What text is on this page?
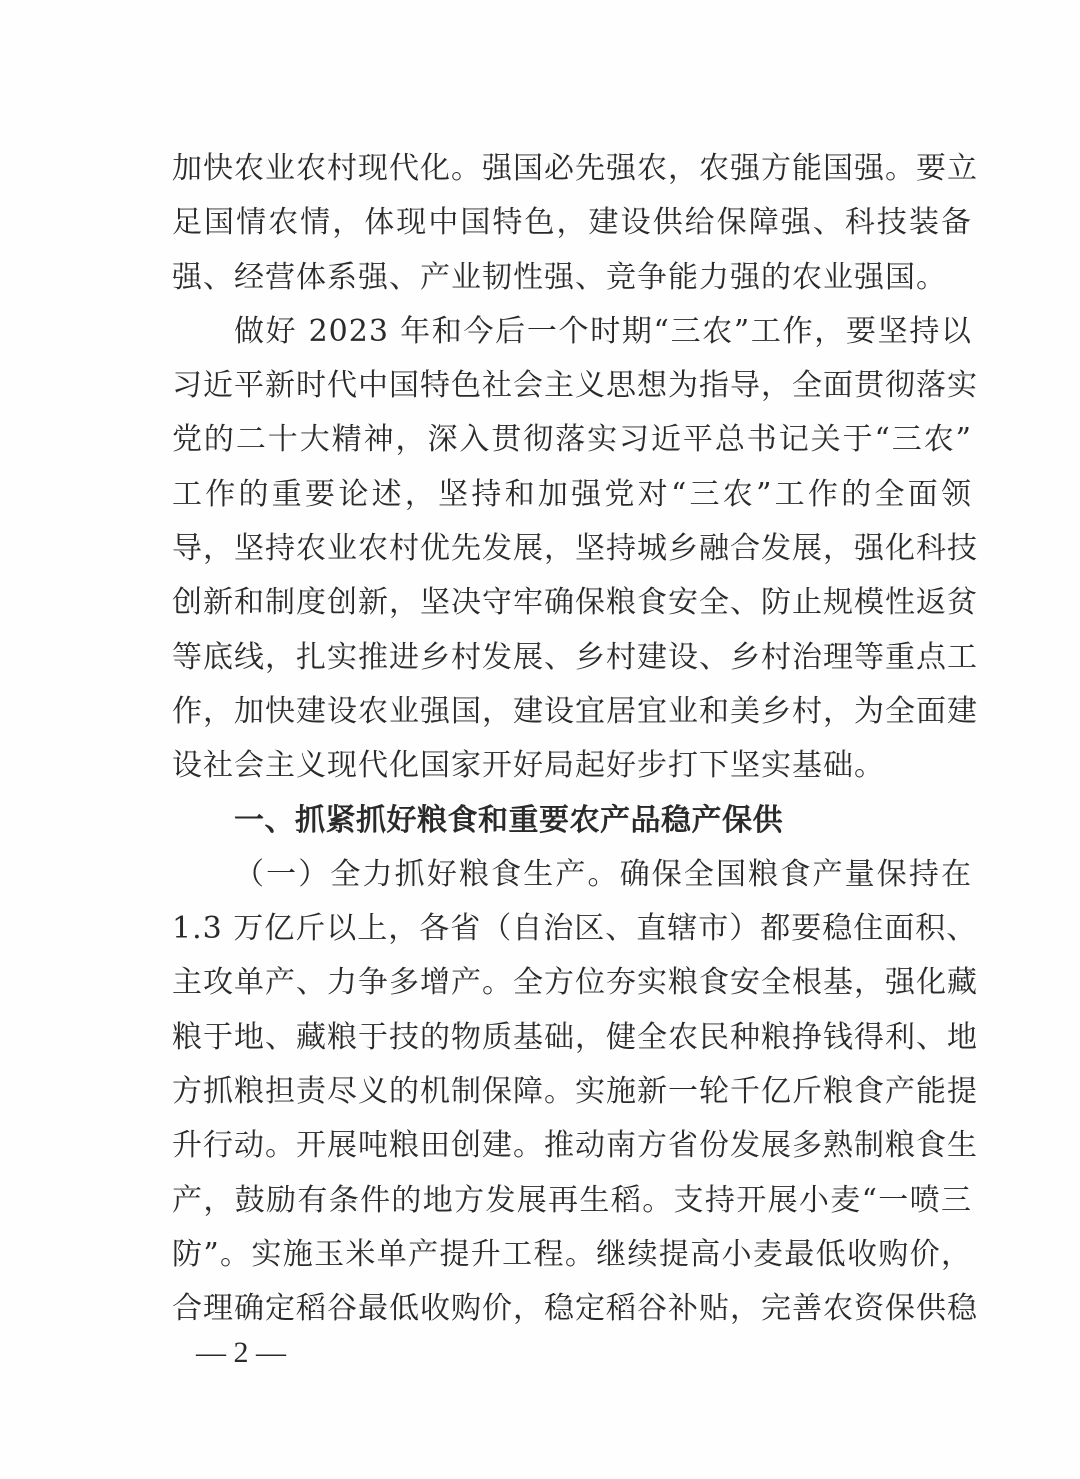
加快农业农村现代化。强国必先强农，农强方能国强。要立
足国情农情，体现中国特色，建设供给保障强、科技装备
强、经营体系强、产业韧性强、竞争能力强的农业强国。
做好 2023 年和今后一个时期“三农”工作，要坚持以
习近平新时代中国特色社会主义思想为指导，全面贯彻落实
党的二十大精神，深入贯彻落实习近平总书记关于“三农”
工作的重要论述，坚持和加强党对“三农”工作的全面领
导，坚持农业农村优先发展，坚持城乡融合发展，强化科技
创新和制度创新，坚决守牢确保粮食安全、防止规模性返贫
等底线，扎实推进乡村发展、乡村建设、乡村治理等重点工
作，加快建设农业强国，建设宜居宜业和美乡村，为全面建
设社会主义现代化国家开好局起好步打下坚实基础。
一、抓紧抓好粮食和重要农产品稳产保供
（一）全力抓好粮食生产。确保全国粮食产量保持在
1.3 万亿斤以上，各省（自治区、直辖市）都要稳住面积、
主攻单产、力争多增产。全方位夯实粮食安全根基，强化藏
粮于地、藏粮于技的物质基础，健全农民种粮挣钱得利、地
方抓粮担责尽义的机制保障。实施新一轮千亿斤粮食产能提
升行动。开展吨粮田创建。推动南方省份发展多熟制粮食生
产，鼓励有条件的地方发展再生稻。支持开展小麦“一喷三
防”。实施玉米单产提升工程。继续提高小麦最低收购价，
合理确定稻谷最低收购价，稳定稻谷补贴，完善农资保供稳
— 2 —
